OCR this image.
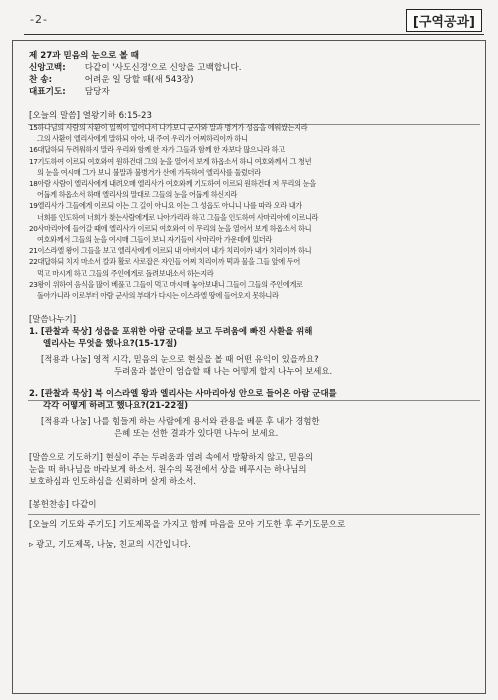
-2-	[구역공과]
제 27과 믿음의 눈으로 볼 때
신앙고백: 다같이 '사도신경'으로 신앙을 고백합니다.
찬 송:	어려운 일 당할 때(새 543장)
대표기도: 담당자
[오늘의 말씀] 열왕기하 6:15-23
15하나님의 사람의 사환이 일찍이 일어나서 나가보니 군사와 말과 병거가 성읍을 에워쌌는지라
그의 사환이 엘리사에게 말하되 아아, 내 주여 우리가 어찌하리이까 하니
16대답하되 두려워하지 말라 우리와 함께 한 자가 그들과 함께 한 자보다 많으니라 하고
17기도하여 이르되 여호와여 원하건대 그의 눈을 열어서 보게 하옵소서 하니 여호와께서 그 청년
의 눈을 여시매 그가 보니 불말과 불병거가 산에 가득하여 엘리사를 둘렀더라
18아람 사람이 엘리사에게 내려오매 엘리사가 여호와께 기도하여 이르되 원하건대 저 무리의 눈을
어둡게 하옵소서 하매 엘리사의 말대로 그들의 눈을 어둡게 하신지라
19엘리사가 그들에게 이르되 이는 그 길이 아니요 이는 그 성읍도 아니니 나를 따라 오라 내가
너희를 인도하여 너희가 찾는사람에게로 나아가리라 하고 그들을 인도하여 사마리아에 이르니라
20사마리아에 들어갈 때에 엘리사가 이르되 여호와여 이 무리의 눈을 열어서 보게 하옵소서 하니
여호와께서 그들의 눈을 여시매 그들이 보니 자기들이 사마리아 가운데에 있더라
21이스라엘 왕이 그들을 보고 엘리사에게 이르되 내 아버지여 내가 치리이까 내가 치리이까 하니
22대답하되 치지 마소서 칼과 활로 사로잡은 자인들 어찌 치리이까 떡과 물을 그들 앞에 두어
먹고 마시게 하고 그들의 주인에게로 돌려보내소서 하는지라
23왕이 위하여 음식을 많이 베풀고 그들이 먹고 마시매 놓아보내니 그들이 그들의 주인에게로
돌아가니라 이로부터 아람 군사의 부대가 다시는 이스라엘 땅에 들어오지 못하니라
[말씀나누기]
1. [관찰과 묵상] 성읍을 포위한 아람 군대를 보고 두려움에 빠진 사환을 위해
엘리사는 무엇을 했나요?(15-17절)
[적용과 나눔] 영적 시각, 믿음의 눈으로 현실을 볼 때 어떤 유익이 있을까요?
두려움과 불안이 엄습할 때 나는 어떻게 할지 나누어 보세요.
2. [관찰과 묵상] 북 이스라엘 왕과 엘리사는 사마리아성 안으로 들어온 아람 군대를
각각 어떻게 하려고 했나요?(21-22절)
[적용과 나눔] 나를 힘들게 하는 사람에게 용서와 관용을 베푼 후 내가 경험한
은혜 또는 선한 결과가 있다면 나누어 보세요.
[말씀으로 기도하기] 현실이 주는 두려움과 염려 속에서 방황하지 않고, 믿음의
눈을 떠 하나님을 바라보게 하소서. 원수의 목전에서 상을 베푸시는 하나님의
보호하심과 인도하심을 신뢰하며 살게 하소서.
[봉헌찬송] 다같이
[오늘의 기도와 주기도] 기도제목을 가지고 함께 마음을 모아 기도한 후 주기도문으로
▹ 광고, 기도제목, 나눔, 친교의 시간입니다.
